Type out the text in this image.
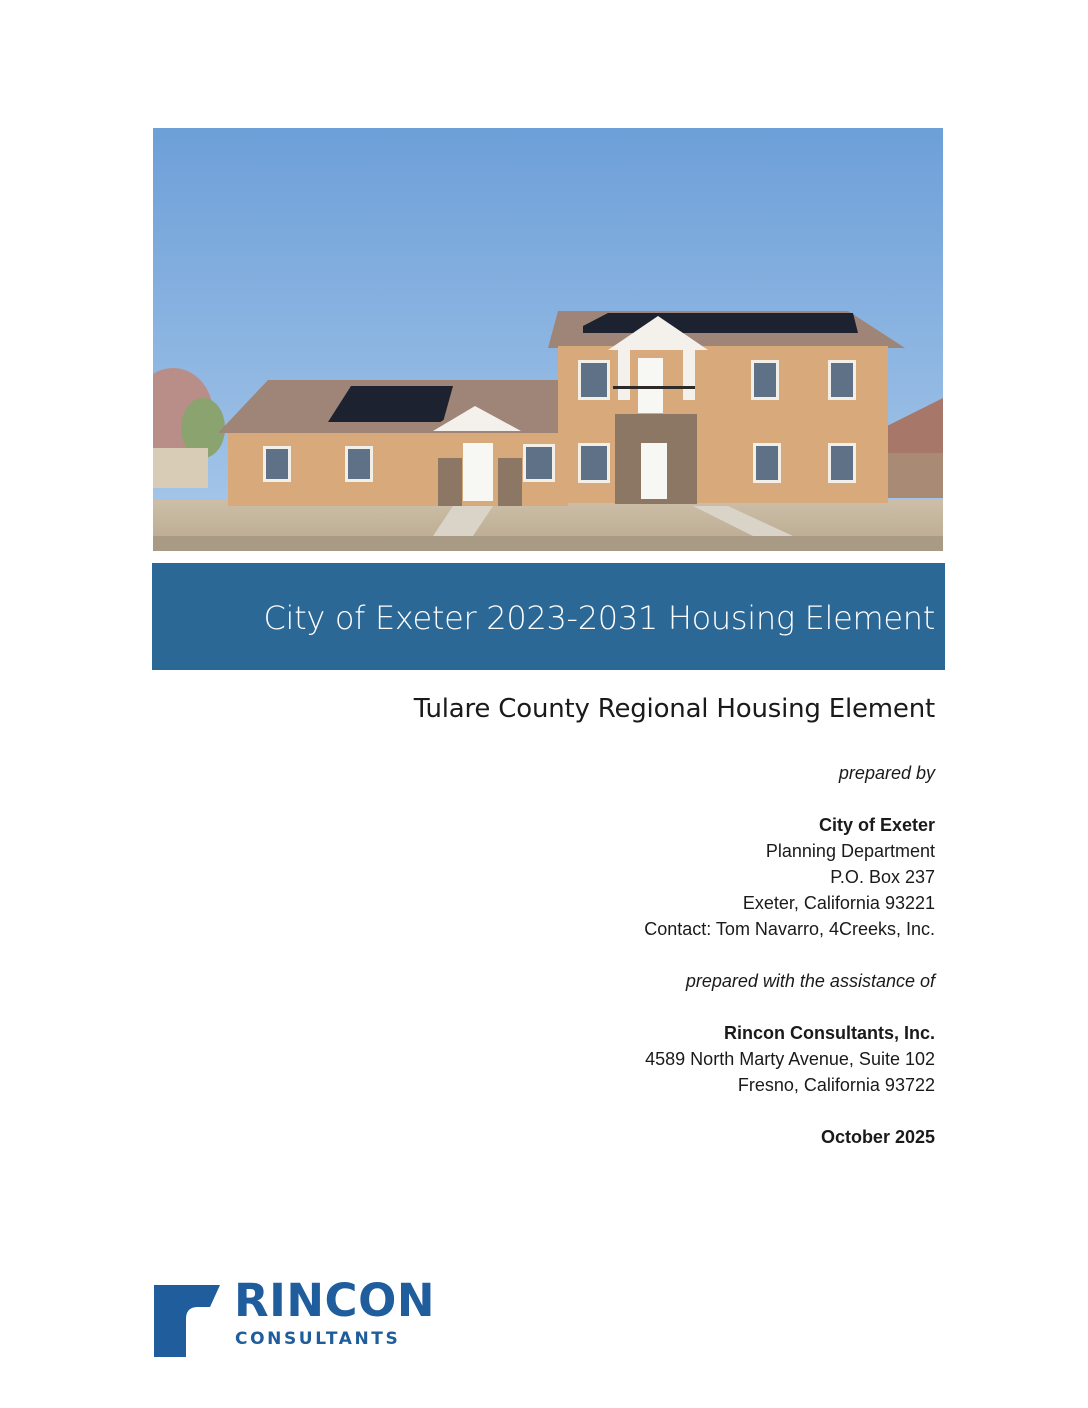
City of Exeter 2023-2031 Housing Element
Tulare County Regional Housing Element
prepared by
City of Exeter
Planning Department
P.O. Box 237
Exeter, California 93221
Contact: Tom Navarro, 4Creeks, Inc.
prepared with the assistance of
Rincon Consultants, Inc.
4589 North Marty Avenue, Suite 102
Fresno, California 93722
October 2025
RINCON
CONSULTANTS
